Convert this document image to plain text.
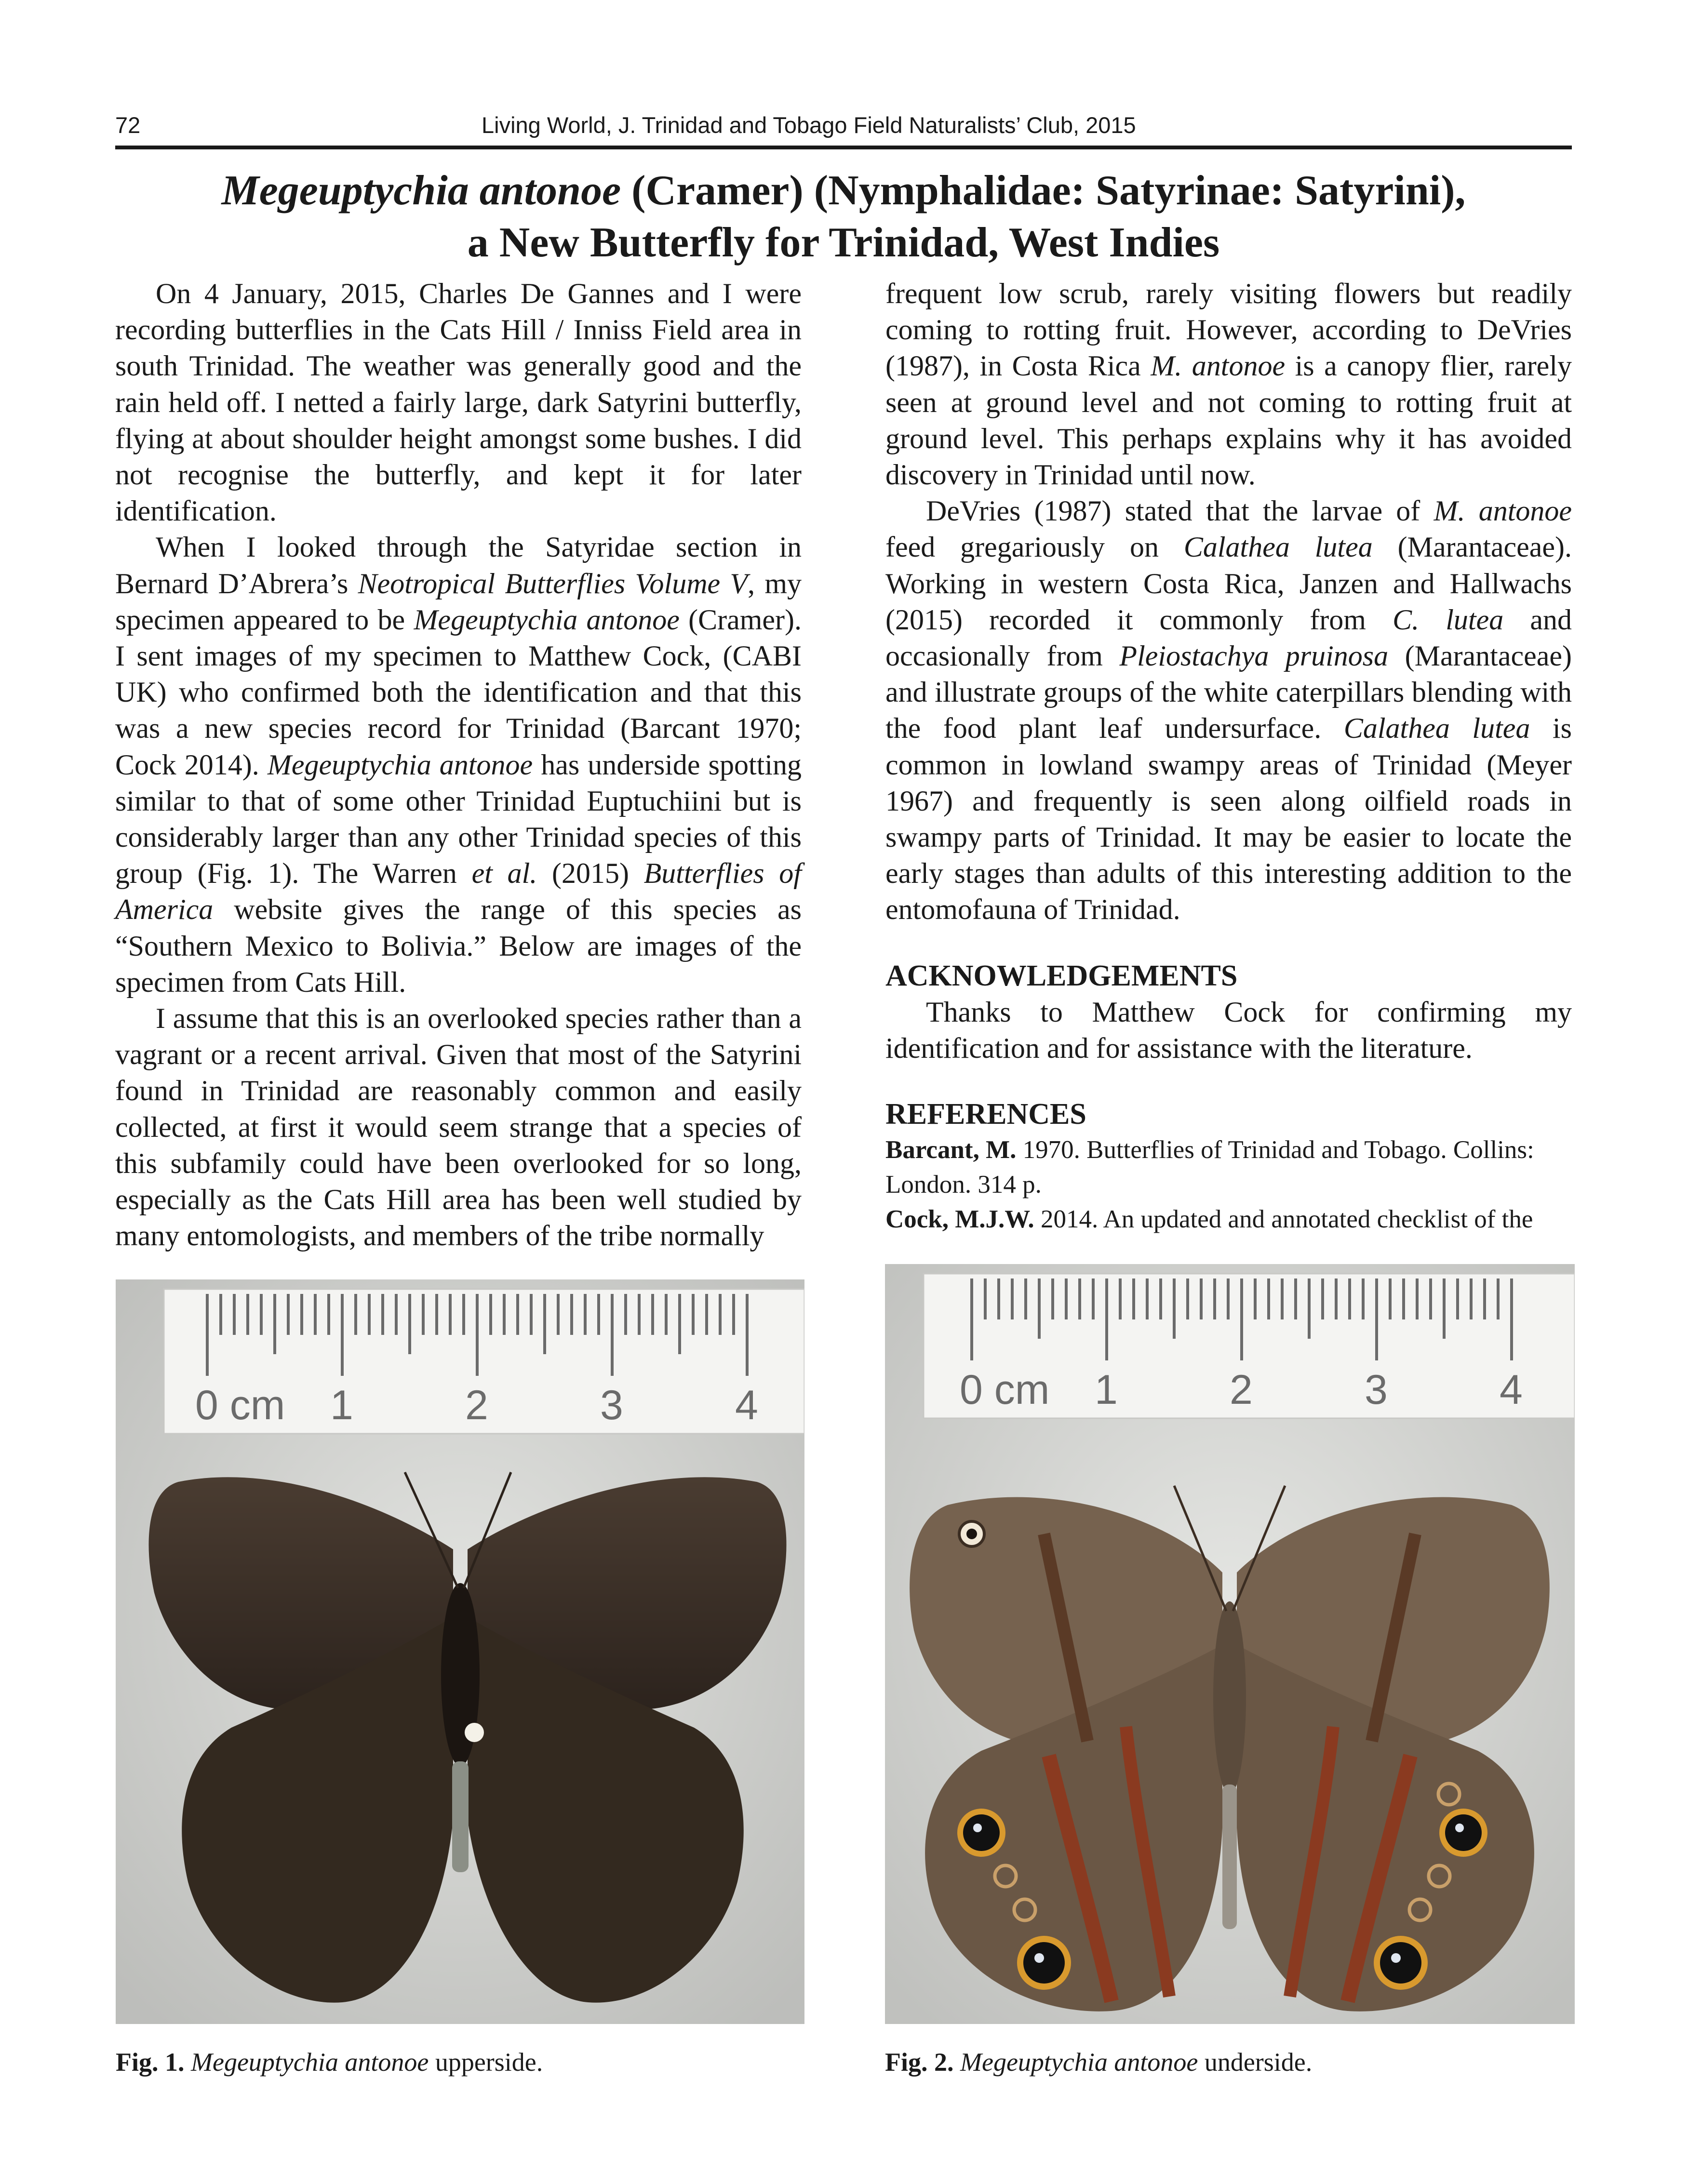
72	Living World, J. Trinidad and Tobago Field Naturalists’ Club, 2015
Megeuptychia antonoe (Cramer) (Nymphalidae: Satyrinae: Satyrini),
a New Butterfly for Trinidad, West Indies

On 4 January, 2015, Charles De Gannes and I were recording butterflies in the Cats Hill / Inniss Field area in south Trinidad. The weather was generally good and the rain held off. I netted a fairly large, dark Satyrini butterfly, flying at about shoulder height amongst some bushes. I did not recognise the butterfly, and kept it for later identification.

When I looked through the Satyridae section in Bernard D’Abrera’s Neotropical Butterflies Volume V, my specimen appeared to be Megeuptychia antonoe (Cramer). I sent images of my specimen to Matthew Cock, (CABI UK) who confirmed both the identification and that this was a new species record for Trinidad (Barcant 1970; Cock 2014). Megeuptychia antonoe has underside spotting similar to that of some other Trinidad Euptuchiini but is considerably larger than any other Trinidad species of this group (Fig. 1). The Warren et al. (2015) Butterflies of America website gives the range of this species as “Southern Mexico to Bolivia.” Below are images of the specimen from Cats Hill.

I assume that this is an overlooked species rather than a vagrant or a recent arrival. Given that most of the Satyrini found in Trinidad are reasonably common and easily collected, at first it would seem strange that a species of this subfamily could have been overlooked for so long, especially as the Cats Hill area has been well studied by many entomologists, and members of the tribe normally

frequent low scrub, rarely visiting flowers but readily coming to rotting fruit. However, according to DeVries (1987), in Costa Rica M. antonoe is a canopy flier, rarely seen at ground level and not coming to rotting fruit at ground level. This perhaps explains why it has avoided discovery in Trinidad until now.

DeVries (1987) stated that the larvae of M. antonoe feed gregariously on Calathea lutea (Marantaceae). Working in western Costa Rica, Janzen and Hallwachs (2015) recorded it commonly from C. lutea and occasionally from Pleiostachya pruinosa (Marantaceae) and illustrate groups of the white caterpillars blending with the food plant leaf undersurface. Calathea lutea is common in lowland swampy areas of Trinidad (Meyer 1967) and frequently is seen along oilfield roads in swampy parts of Trinidad. It may be easier to locate the early stages than adults of this interesting addition to the entomofauna of Trinidad.

ACKNOWLEDGEMENTS

Thanks to Matthew Cock for confirming my identification and for assistance with the literature.

REFERENCES

Barcant, M. 1970. Butterflies of Trinidad and Tobago. Collins: London. 314 p.

Cock, M.J.W. 2014. An updated and annotated checklist of the

0 cm 1	2	3	4	0 cm 1	2	3	4
Fig. 1. Megeuptychia antonoe upperside.	Fig. 2. Megeuptychia antonoe underside.
